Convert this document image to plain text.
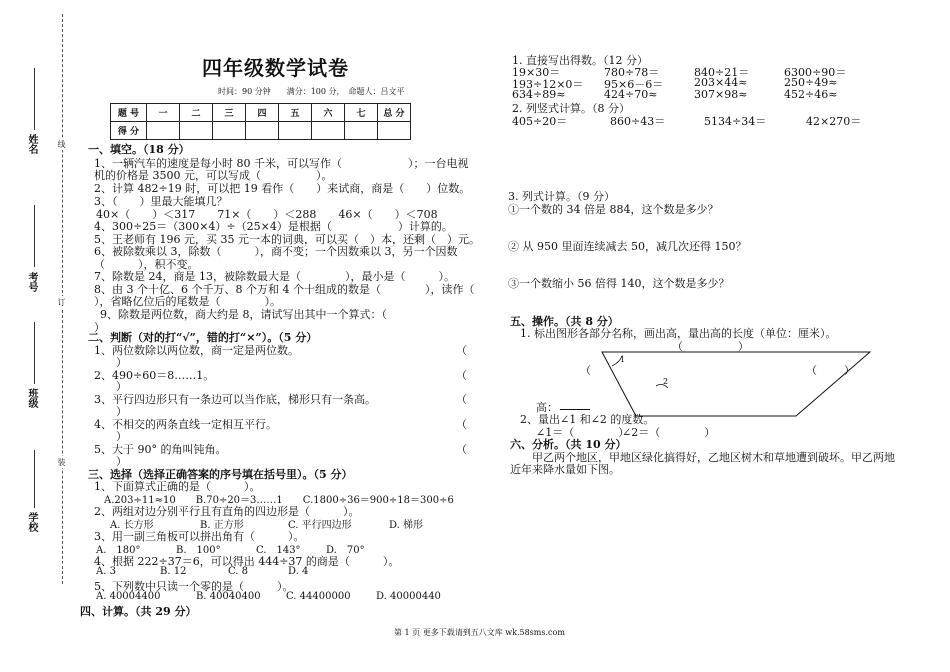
姓名
考号
班级
学校
线
订
装
四年级数学试卷
时间：90 分钟　　满分：100 分，　命题人：吕文平
题 号	一	二	三	四	五	六	七	总 分
得 分								
一、填空。（18 分）
1、一辆汽车的速度是每小时 80 千米，可以写作（　　　　　　）；一台电视
机的价格是 3500 元，可以写成（　　　　　）。
2、计算 482÷19 时，可以把 19 看作（　　）来试商，商是（　　）位数。
3、（　　）里最大能填几？
40×（　　）＜317　　71×（　　）＜288　　46×（　　）＜708
4、300÷25＝（300×4）÷（25×4）是根据（　　　　　　）计算的。
5、王老师有 196 元，买 35 元一本的词典，可以买（　）本，还剩（　）元。
6、被除数乘以 3，除数（　　　），商不变；一个因数乘以 3，另一个因数
（　　　），积不变。
7、除数是 24，商是 13，被除数最大是（　　　　），最小是（　　　）。
8、由 3 个十亿、6 个千万、8 个万和 4 个十组成的数是（　　　　），读作（
），省略亿位后的尾数是（　　　　）。
9、除数是两位数，商大约是 8，请试写出其中一个算式：（
）
二、判断（对的打“√”，错的打“×”）。（5 分）
1、两位数除以两位数，商一定是两位数。	（
）
2、490÷60＝8……1。	（
）
3、平行四边形只有一条边可以当作底，梯形只有一条高。	（
）
4、不相交的两条直线一定相互平行。	（
）
5、大于 90° 的角叫钝角。	（
）
三、选择（选择正确答案的序号填在括号里）。（5 分）
1、下面算式正确的是（　　　）。
A.203÷11≈10　　B.70÷20＝3……1　　C.1800÷36＝900÷18＝300÷6
2、两组对边分别平行且有直角的四边形是（　　　）。
A. 长方形	B. 正方形	C. 平行四边形	D. 梯形
3、用一副三角板可以拼出角有（　　　）。
A.　180°	B.　100°	C.　143°	D.　70°
4、根据 222÷37＝6，可以得出 444÷37 的商是（　　　）。
A. 3	B. 12	C. 8	D. 4
5、下列数中只读一个零的是（　　　）。
A. 40004400	B. 40040400	C. 44400000	D. 40000440
四、计算。（共 29 分）
1. 直接写出得数。（12 分）
19×30＝	780÷78＝	840÷21＝	6300÷90＝
193÷12×0＝ 95×6－6＝	203×44≈	250÷49≈
634÷89≈	424÷70≈	307×98≈	452÷46≈
2. 列竖式计算。（8 分）
405÷20＝	860÷43＝	5134÷34＝	42×270＝
3. 列式计算。（9 分）
①一个数的 34 倍是 884，这个数是多少？
② 从 950 里面连续减去 50，减几次还得 150？
③一个数缩小 56 倍得 140，这个数是多少？
五、操作。（共 8 分）
1. 标出图形各部分名称，画出高，量出高的长度（单位：厘米）。
（　　　　　）
1
2
（　　　　　	（ ）
高：
2、量出∠1 和∠2 的度数。
∠1＝（　　　　）
∠2＝（　　　　）
六、分析。（共 10 分）
　　甲乙两个地区，甲地区绿化搞得好，乙地区树木和草地遭到破坏。甲乙两地
近年来降水量如下图。
第 1 页 更多下载请到五八文库 wk.58sms.com
